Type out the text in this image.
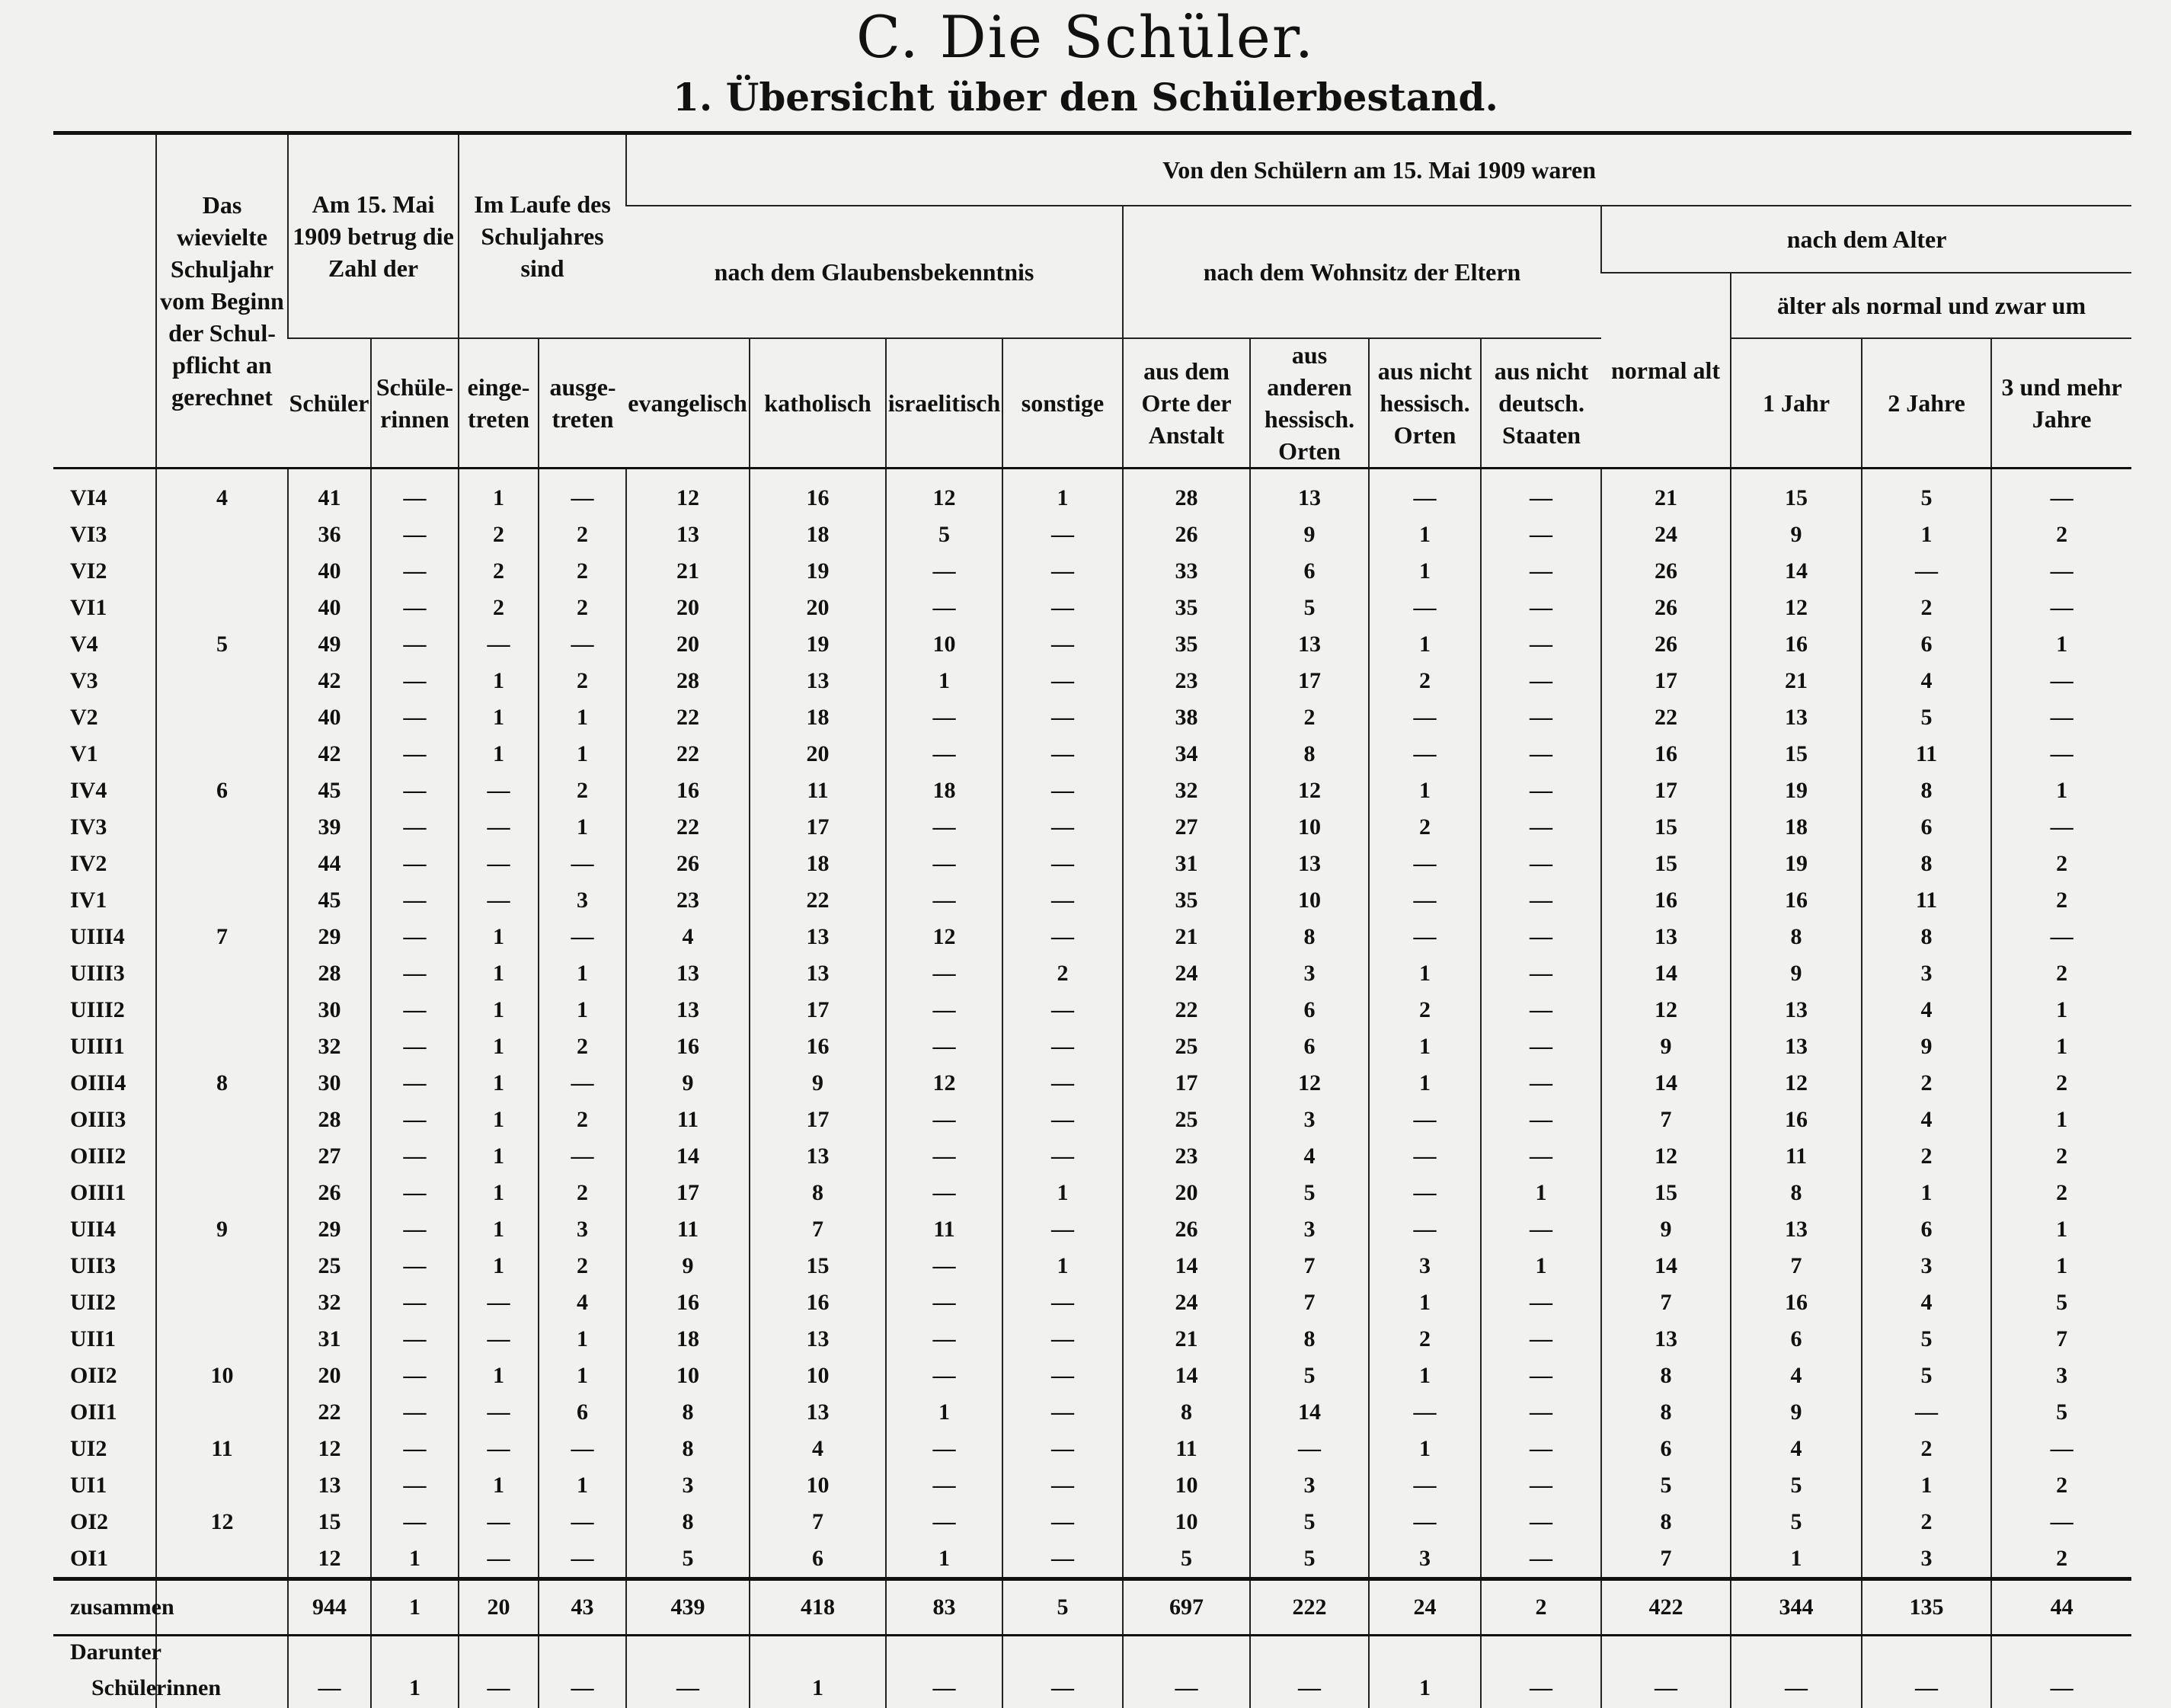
C. Die Schüler.
1. Übersicht über den Schülerbestand.
	Das wievielte Schuljahr vom Beginn der Schulpflicht an gerechnet	Am 15. Mai 1909 betrug die Zahl der		Im Laufe des Schuljahres sind		Von den Schülern am 15. Mai 1909 waren											
						nach dem Glaubensbekenntnis				nach dem Wohnsitz der Eltern				nach dem Alter			
														normal alt	älter als normal und zwar um		
						evangelisch	katholisch	israelitisch	sonstige	aus dem Orte der Anstalt	aus anderen hessisch. Orten	aus nicht hessisch. Orten	aus nicht deutsch. Staaten		1 Jahr	2 Jahre	3 und mehr Jahre
		Schüler	Schülerinnen	eingetreten	ausgetreten												
VI4	4	41	—	1	—	12	16	12	1	28	13	—	—	21	15	5	—
VI3		36	—	2	2	13	18	5	—	26	9	1	—	24	9	1	2
VI2		40	—	2	2	21	19	—	—	33	6	1	—	26	14	—	—
VI1		40	—	2	2	20	20	—	—	35	5	—	—	26	12	2	—
V4	5	49	—	—	—	20	19	10	—	35	13	1	—	26	16	6	1
V3		42	—	1	2	28	13	1	—	23	17	2	—	17	21	4	—
V2		40	—	1	1	22	18	—	—	38	2	—	—	22	13	5	—
V1		42	—	1	1	22	20	—	—	34	8	—	—	16	15	11	—
IV4	6	45	—	—	2	16	11	18	—	32	12	1	—	17	19	8	1
IV3		39	—	—	1	22	17	—	—	27	10	2	—	15	18	6	—
IV2		44	—	—	—	26	18	—	—	31	13	—	—	15	19	8	2
IV1		45	—	—	3	23	22	—	—	35	10	—	—	16	16	11	2
UIII4	7	29	—	1	—	4	13	12	—	21	8	—	—	13	8	8	—
UIII3		28	—	1	1	13	13	—	2	24	3	1	—	14	9	3	2
UIII2		30	—	1	1	13	17	—	—	22	6	2	—	12	13	4	1
UIII1		32	—	1	2	16	16	—	—	25	6	1	—	9	13	9	1
OIII4	8	30	—	1	—	9	9	12	—	17	12	1	—	14	12	2	2
OIII3		28	—	1	2	11	17	—	—	25	3	—	—	7	16	4	1
OIII2		27	—	1	—	14	13	—	—	23	4	—	—	12	11	2	2
OIII1		26	—	1	2	17	8	—	1	20	5	—	1	15	8	1	2
UII4	9	29	—	1	3	11	7	11	—	26	3	—	—	9	13	6	1
UII3		25	—	1	2	9	15	—	1	14	7	3	1	14	7	3	1
UII2		32	—	—	4	16	16	—	—	24	7	1	—	7	16	4	5
UII1		31	—	—	1	18	13	—	—	21	8	2	—	13	6	5	7
OII2	10	20	—	1	1	10	10	—	—	14	5	1	—	8	4	5	3
OII1		22	—	—	6	8	13	1	—	8	14	—	—	8	9	—	5
UI2	11	12	—	—	—	8	4	—	—	11	—	1	—	6	4	2	—
UI1		13	—	1	1	3	10	—	—	10	3	—	—	5	5	1	2
OI2	12	15	—	—	—	8	7	—	—	10	5	—	—	8	5	2	—
OI1		12	1	—	—	5	6	1	—	5	5	3	—	7	1	3	2
zusammen		944	1	20	43	439	418	83	5	697	222	24	2	422	344	135	44
Darunter																	
Schülerinnen		—	1	—	—	—	1	—	—	—	—	1	—	—	—	—	—
